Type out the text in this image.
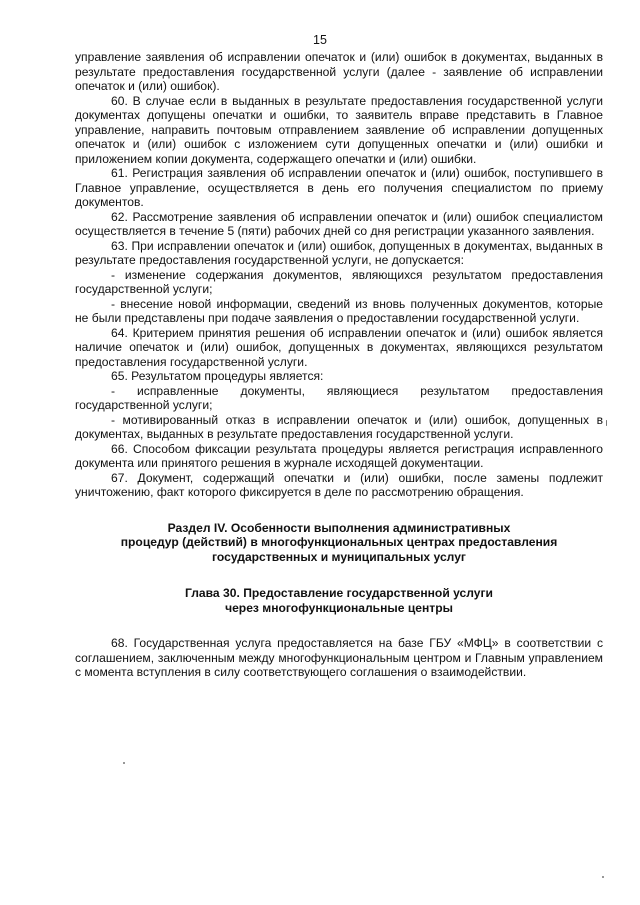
15

управление заявления об исправлении опечаток и (или) ошибок в документах, выданных в результате предоставления государственной услуги (далее - заявление об исправлении опечаток и (или) ошибок).

60. В случае если в выданных в результате предоставления государственной услуги документах допущены опечатки и ошибки, то заявитель вправе представить в Главное управление, направить почтовым отправлением заявление об исправлении допущенных опечаток и (или) ошибок с изложением сути допущенных опечатки и (или) ошибки и приложением копии документа, содержащего опечатки и (или) ошибки.

61. Регистрация заявления об исправлении опечаток и (или) ошибок, поступившего в Главное управление, осуществляется в день его получения специалистом по приему документов.

62. Рассмотрение заявления об исправлении опечаток и (или) ошибок специалистом осуществляется в течение 5 (пяти) рабочих дней со дня регистрации указанного заявления.

63. При исправлении опечаток и (или) ошибок, допущенных в документах, выданных в результате предоставления государственной услуги, не допускается:

- изменение содержания документов, являющихся результатом предоставления государственной услуги;

- внесение новой информации, сведений из вновь полученных документов, которые не были представлены при подаче заявления о предоставлении государственной услуги.

64. Критерием принятия решения об исправлении опечаток и (или) ошибок является наличие опечаток и (или) ошибок, допущенных в документах, являющихся результатом предоставления государственной услуги.

65. Результатом процедуры является:

- исправленные документы, являющиеся результатом предоставления государственной услуги;

- мотивированный отказ в исправлении опечаток и (или) ошибок, допущенных в документах, выданных в результате предоставления государственной услуги.

66. Способом фиксации результата процедуры является регистрация исправленного документа или принятого решения в журнале исходящей документации.

67. Документ, содержащий опечатки и (или) ошибки, после замены подлежит уничтожению, факт которого фиксируется в деле по рассмотрению обращения.

Раздел IV. Особенности выполнения административных
процедур (действий) в многофункциональных центрах предоставления
государственных и муниципальных услуг
Глава 30. Предоставление государственной услуги
через многофункциональные центры

68. Государственная услуга предоставляется на базе ГБУ «МФЦ» в соответствии с соглашением, заключенным между многофункциональным центром и Главным управлением с момента вступления в силу соответствующего соглашения о взаимодействии.
